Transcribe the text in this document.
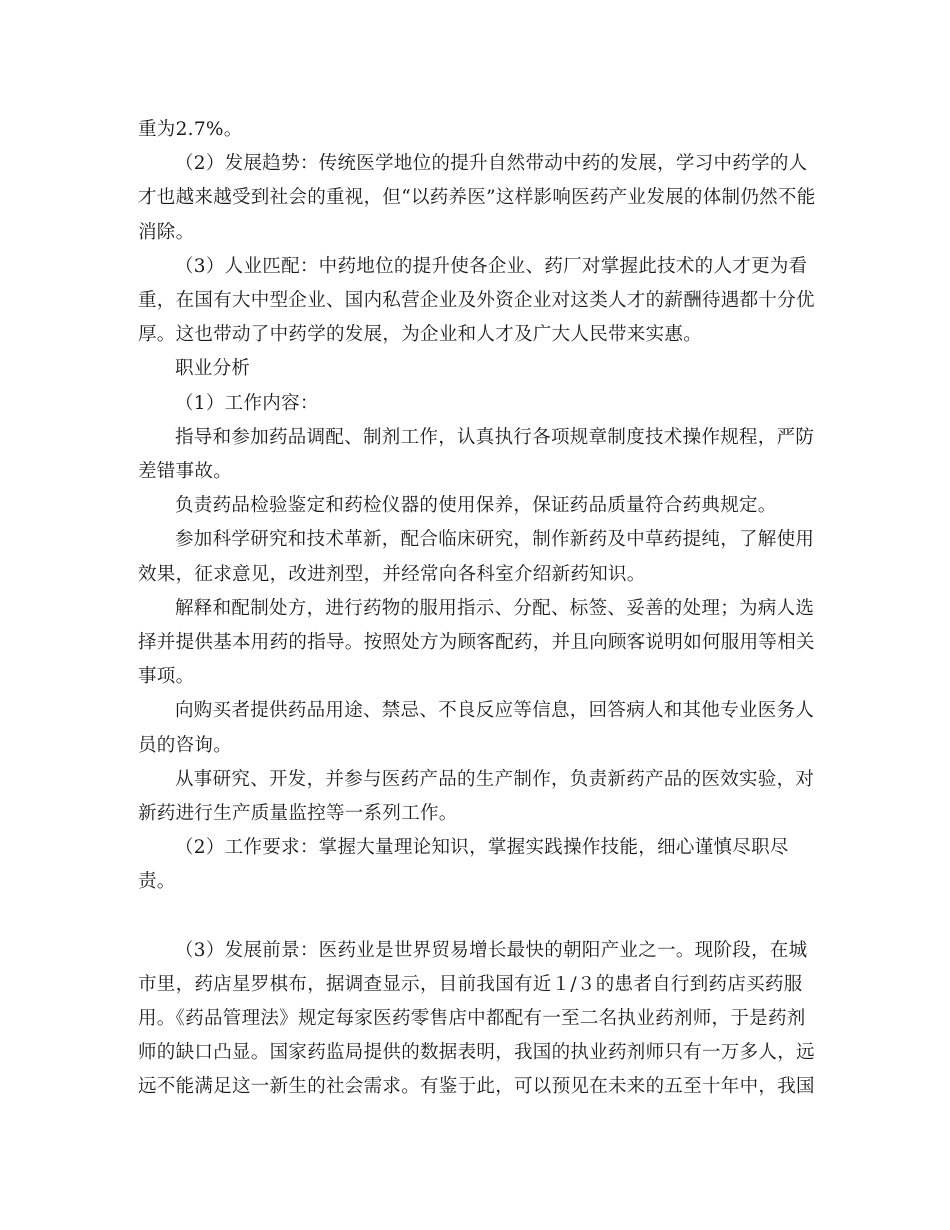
重为2.7%。

（2）发展趋势：传统医学地位的提升自然带动中药的发展，学习中药学的人才也越来越受到社会的重视，但“以药养医”这样影响医药产业发展的体制仍然不能消除。

（3）人业匹配：中药地位的提升使各企业、药厂对掌握此技术的人才更为看重，在国有大中型企业、国内私营企业及外资企业对这类人才的薪酬待遇都十分优厚。这也带动了中药学的发展，为企业和人才及广大人民带来实惠。

职业分析

（1）工作内容：

指导和参加药品调配、制剂工作，认真执行各项规章制度技术操作规程，严防差错事故。

负责药品检验鉴定和药检仪器的使用保养，保证药品质量符合药典规定。

参加科学研究和技术革新，配合临床研究，制作新药及中草药提纯，了解使用效果，征求意见，改进剂型，并经常向各科室介绍新药知识。

解释和配制处方，进行药物的服用指示、分配、标签、妥善的处理；为病人选择并提供基本用药的指导。按照处方为顾客配药，并且向顾客说明如何服用等相关事项。

向购买者提供药品用途、禁忌、不良反应等信息，回答病人和其他专业医务人员的咨询。

从事研究、开发，并参与医药产品的生产制作，负责新药产品的医效实验，对新药进行生产质量监控等一系列工作。

（2）工作要求：掌握大量理论知识，掌握实践操作技能，细心谨慎尽职尽责。

（3）发展前景：医药业是世界贸易增长最快的朝阳产业之一。现阶段，在城市里，药店星罗棋布，据调查显示，目前我国有近１/３的患者自行到药店买药服用。《药品管理法》规定每家医药零售店中都配有一至二名执业药剂师，于是药剂师的缺口凸显。国家药监局提供的数据表明，我国的执业药剂师只有一万多人，远远不能满足这一新生的社会需求。有鉴于此，可以预见在未来的五至十年中，我国
